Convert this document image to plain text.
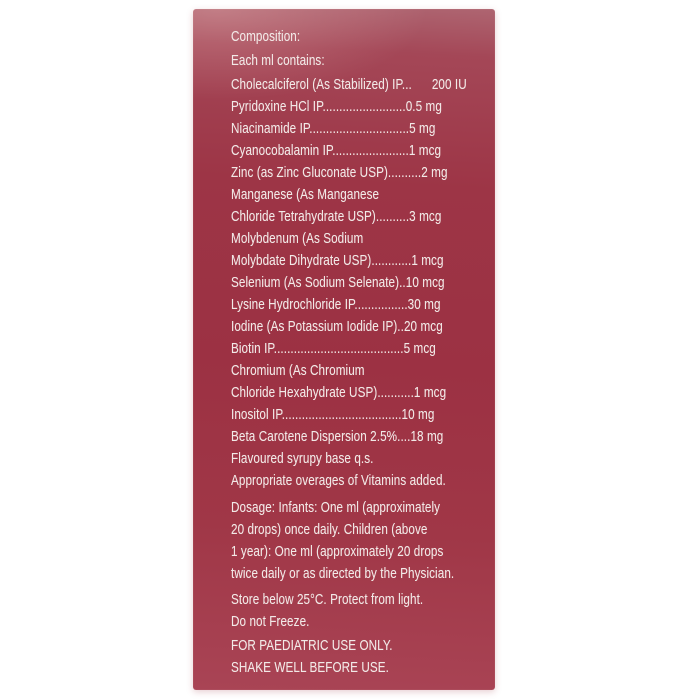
Composition:
Each ml contains:
Cholecalciferol (As Stabilized) IP...      200 IU
Pyridoxine HCl IP.........................0.5 mg
Niacinamide IP..............................5 mg
Cyanocobalamin IP.......................1 mcg
Zinc (as Zinc Gluconate USP)..........2 mg
Manganese (As Manganese
Chloride Tetrahydrate USP)..........3 mcg
Molybdenum (As Sodium
Molybdate Dihydrate USP)............1 mcg
Selenium (As Sodium Selenate)..10 mcg
Lysine Hydrochloride IP................30 mg
Iodine (As Potassium Iodide IP)..20 mcg
Biotin IP.......................................5 mcg
Chromium (As Chromium
Chloride Hexahydrate USP)...........1 mcg
Inositol IP....................................10 mg
Beta Carotene Dispersion 2.5%....18 mg
Flavoured syrupy base q.s.
Appropriate overages of Vitamins added.
Dosage: Infants: One ml (approximately
20 drops) once daily. Children (above
1 year): One ml (approximately 20 drops
twice daily or as directed by the Physician.
Store below 25°C. Protect from light.
Do not Freeze.
FOR PAEDIATRIC USE ONLY.
SHAKE WELL BEFORE USE.
